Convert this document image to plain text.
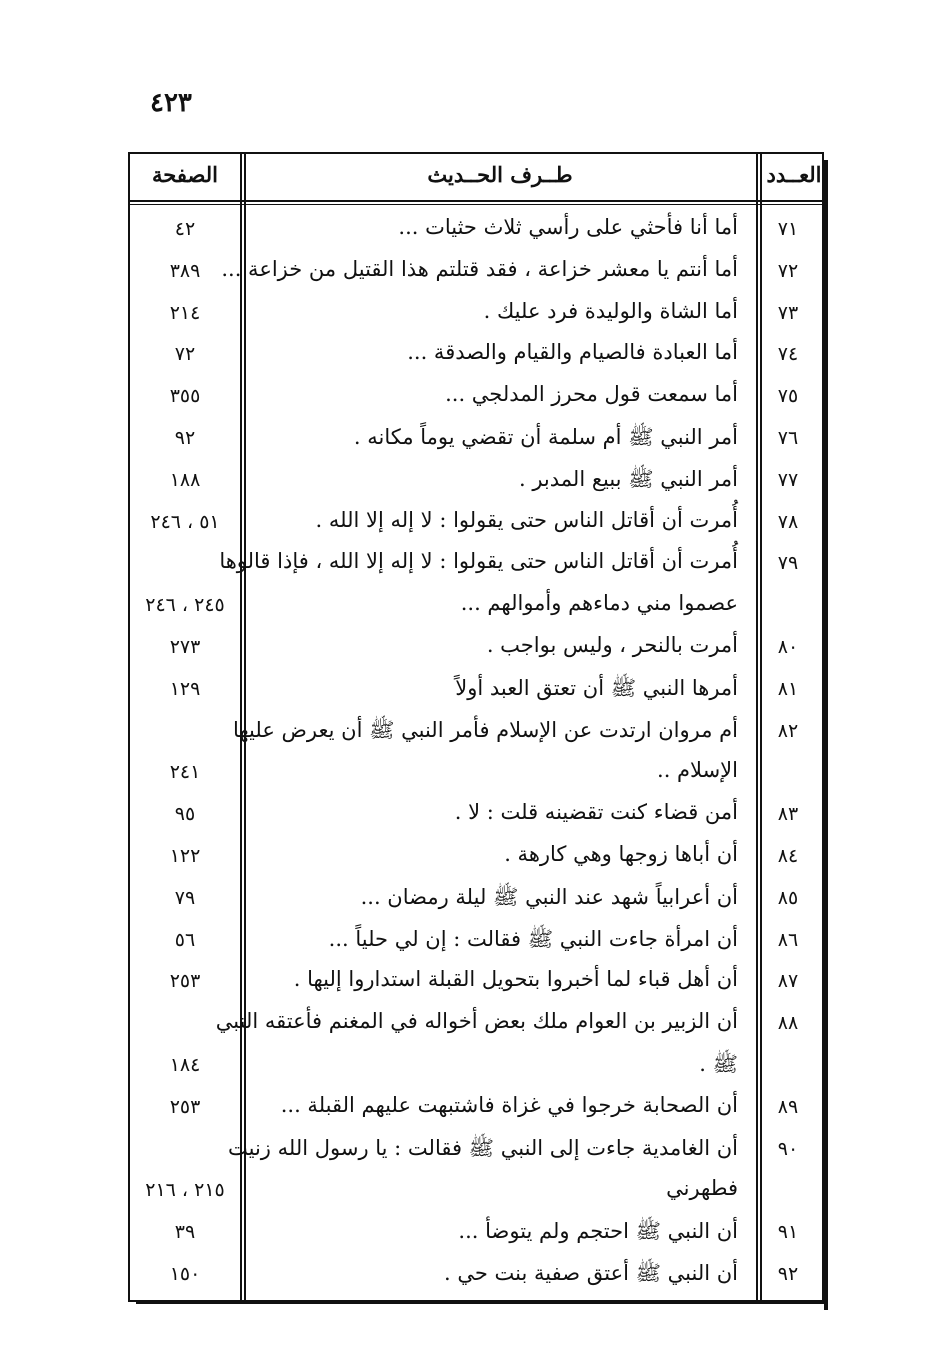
٤٢٣
العــدد
طــرف الحــديث
الصفحة
٧١
أما أنا فأحثي على رأسي ثلاث حثيات ...
٤٢
٧٢
أما أنتم يا معشر خزاعة ، فقد قتلتم هذا القتيل من خزاعة ...
٣٨٩
٧٣
أما الشاة والوليدة فرد عليك .
٢١٤
٧٤
أما العبادة فالصيام والقيام والصدقة ...
٧٢
٧٥
أما سمعت قول محرز المدلجي ...
٣٥٥
٧٦
أمر النبي ﷺ أم سلمة أن تقضي يوماً مكانه .
٩٢
٧٧
أمر النبي ﷺ ببيع المدبر .
١٨٨
٧٨
أُمرت أن أقاتل الناس حتى يقولوا : لا إله إلا الله .
٥١ ، ٢٤٦
٧٩
أُمرت أن أقاتل الناس حتى يقولوا : لا إله إلا الله ، فإذا قالوها
عصموا مني دماءهم وأموالهم ...
٢٤٥ ، ٢٤٦
٨٠
أمرت بالنحر ، وليس بواجب .
٢٧٣
٨١
أمرها النبي ﷺ أن تعتق العبد أولاً
١٢٩
٨٢
أم مروان ارتدت عن الإسلام فأمر النبي ﷺ أن يعرض عليها
الإسلام ..
٢٤١
٨٣
أمن قضاء كنت تقضينه قلت : لا .
٩٥
٨٤
أن أباها زوجها وهي كارهة .
١٢٢
٨٥
أن أعرابياً شهد عند النبي ﷺ ليلة رمضان ...
٧٩
٨٦
أن امرأة جاءت النبي ﷺ فقالت : إن لي حلياً ...
٥٦
٨٧
أن أهل قباء لما أخبروا بتحويل القبلة استداروا إليها .
٢٥٣
٨٨
أن الزبير بن العوام ملك بعض أخواله في المغنم فأعتقه النبي
ﷺ .
١٨٤
٨٩
أن الصحابة خرجوا في غزاة فاشتبهت عليهم القبلة ...
٢٥٣
٩٠
أن الغامدية جاءت إلى النبي ﷺ فقالت : يا رسول الله زنيت
فطهرني
٢١٥ ، ٢١٦
٩١
أن النبي ﷺ احتجم ولم يتوضأ ...
٣٩
٩٢
أن النبي ﷺ أعتق صفية بنت حي .
١٥٠
